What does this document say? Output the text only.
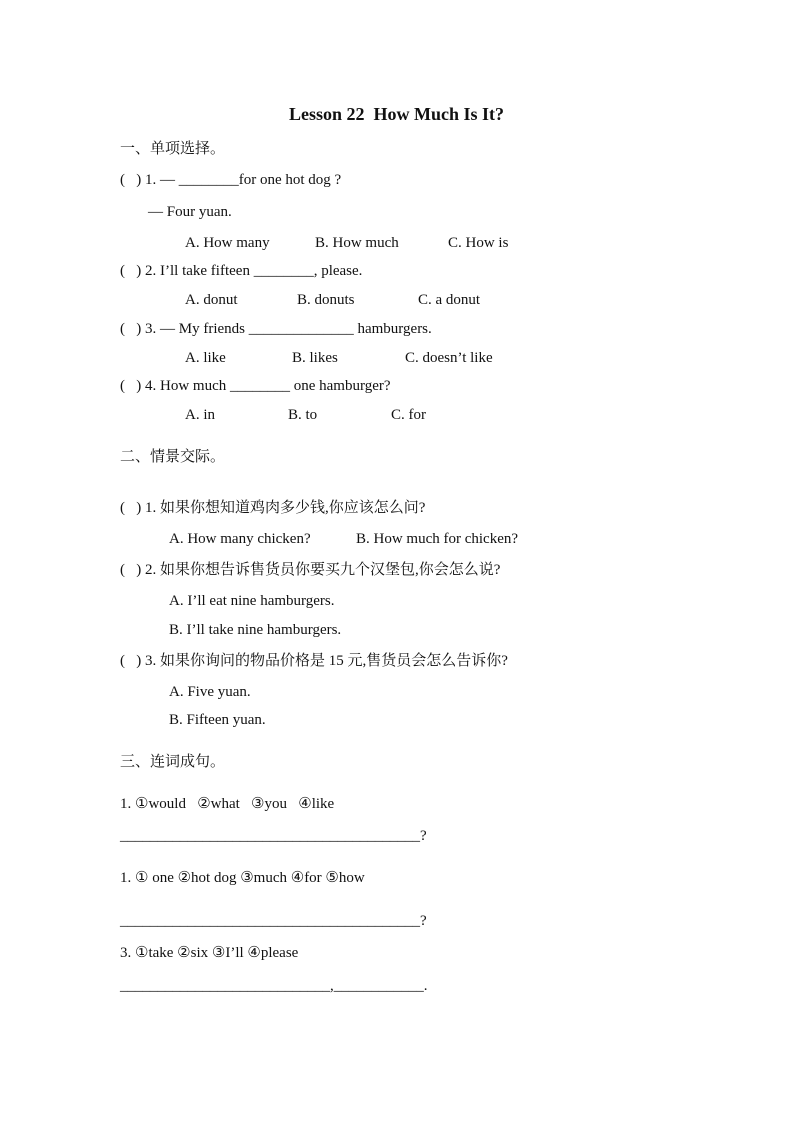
Lesson 22  How Much Is It?
一、单项选择。
(   ) 1. — ________for one hot dog ?
— Four yuan.
A. How many	B. How much	C. How is
(   ) 2. I’ll take fifteen ________, please.
A. donut	B. donuts	C. a donut
(   ) 3. — My friends ______________ hamburgers.
A. like	B. likes	C. doesn’t like
(   ) 4. How much ________ one hamburger?
A. in	B. to	C. for
二、情景交际。
(   ) 1. 如果你想知道鸡肉多少钱,你应该怎么问?
A. How many chicken?	B. How much for chicken?
(   ) 2. 如果你想告诉售货员你要买九个汉堡包,你会怎么说?
A. I’ll eat nine hamburgers.
B. I’ll take nine hamburgers.
(   ) 3. 如果你询问的物品价格是 15 元,售货员会怎么告诉你?
A. Five yuan.
B. Fifteen yuan.
三、连词成句。
1. ①would   ②what   ③you   ④like
________________________________________?
1. ① one ②hot dog ③much ④for ⑤how
________________________________________?
3. ①take ②six ③I’ll ④please
____________________________,____________.
